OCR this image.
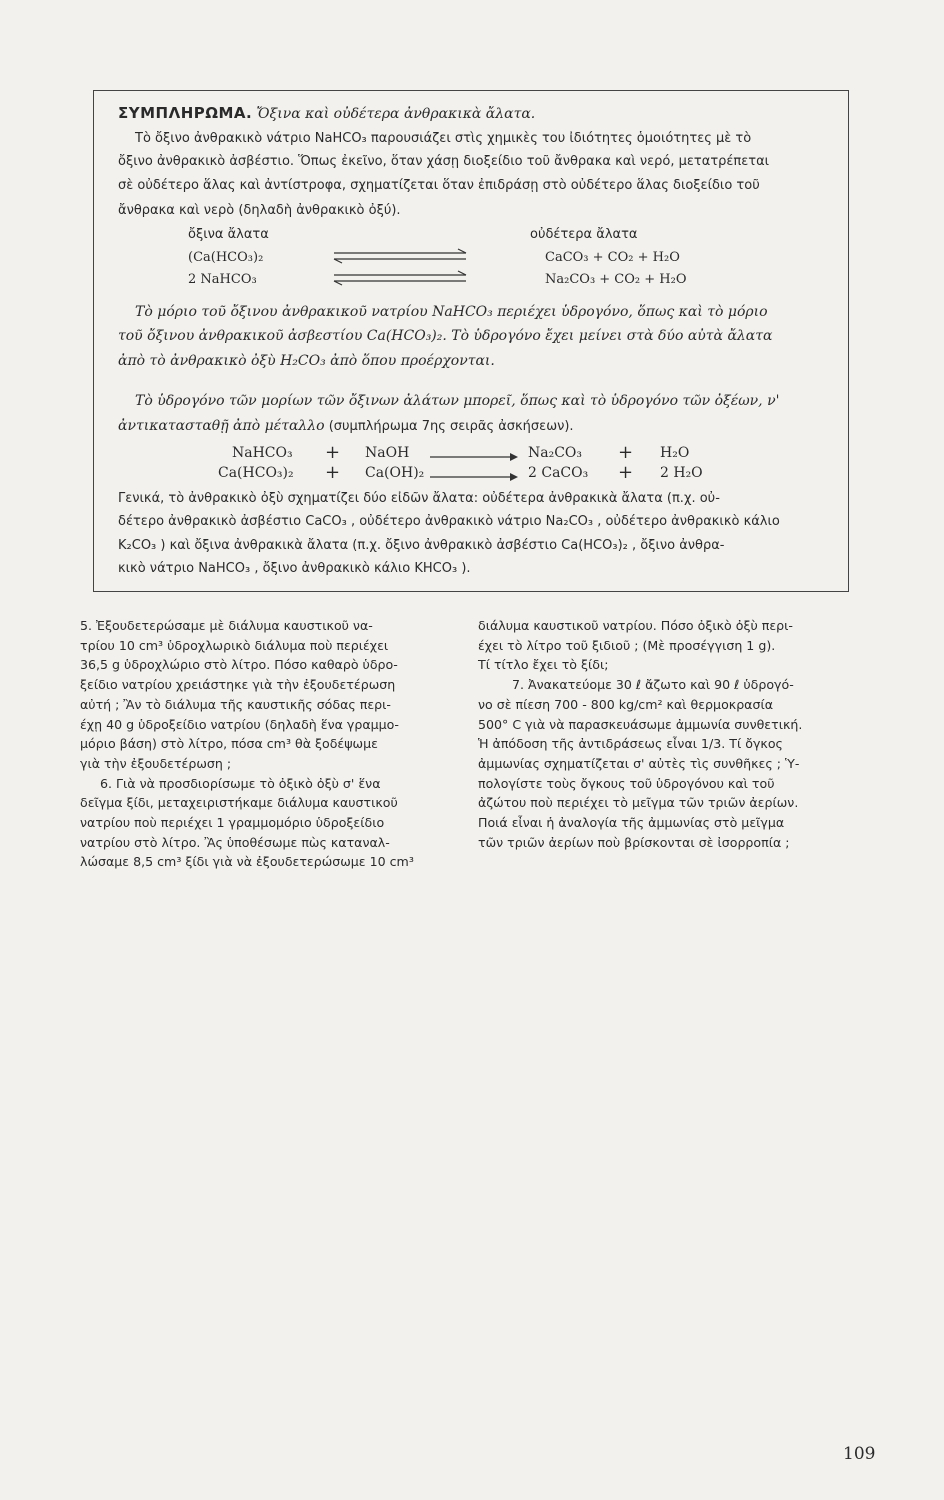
ΣΥΜΠΛΗΡΩΜΑ. Ὄξινα καὶ οὐδέτερα ἀνθρακικὰ ἄλατα.
Τὸ ὄξινο ἀνθρακικὸ νάτριο NaHCO₃ παρουσιάζει στὶς χημικὲς του ἰδιότητες ὁμοιότητες μὲ τὸ
ὄξινο ἀνθρακικὸ ἀσβέστιο. Ὅπως ἐκεῖνο, ὅταν χάσῃ διοξείδιο τοῦ ἄνθρακα καὶ νερό, μετατρέπεται
σὲ οὐδέτερο ἅλας καὶ ἀντίστροφα, σχηματίζεται ὅταν ἐπιδράσῃ στὸ οὐδέτερο ἅλας διοξείδιο τοῦ
ἄνθρακα καὶ νερὸ (δηλαδὴ ἀνθρακικὸ ὀξύ).
ὄξινα ἄλατα	οὐδέτερα ἄλατα
(Ca(HCO₃)₂	CaCO₃ + CO₂ + H₂O
2 NaHCO₃	Na₂CO₃ + CO₂ + H₂O
Τὸ μόριο τοῦ ὄξινου ἀνθρακικοῦ νατρίου NaHCO₃ περιέχει ὑδρογόνο, ὅπως καὶ τὸ μόριο
τοῦ ὄξινου ἀνθρακικοῦ ἀσβεστίου Ca(HCO₃)₂. Τὸ ὑδρογόνο ἔχει μείνει στὰ δύο αὐτὰ ἄλατα
ἀπὸ τὸ ἀνθρακικὸ ὀξὺ H₂CO₃ ἀπὸ ὅπου προέρχονται.
Τὸ ὑδρογόνο τῶν μορίων τῶν ὄξινων ἀλάτων μπορεῖ, ὅπως καὶ τὸ ὑδρογόνο τῶν ὀξέων, ν'
ἀντικατασταθῇ ἀπὸ μέταλλο (συμπλήρωμα 7ης σειρᾶς ἀσκήσεων).
NaHCO₃ + NaOH	Na₂CO₃ + H₂O
Ca(HCO₃)₂ + Ca(OH)₂	2 CaCO₃ + 2 H₂O
Γενικά, τὸ ἀνθρακικὸ ὀξὺ σχηματίζει δύο εἰδῶν ἄλατα: οὐδέτερα ἀνθρακικὰ ἄλατα (π.χ. οὐ-
δέτερο ἀνθρακικὸ ἀσβέστιο CaCO₃ , οὐδέτερο ἀνθρακικὸ νάτριο Na₂CO₃ , οὐδέτερο ἀνθρακικὸ κάλιο
K₂CO₃ ) καὶ ὄξινα ἀνθρακικὰ ἄλατα (π.χ. ὄξινο ἀνθρακικὸ ἀσβέστιο Ca(HCO₃)₂ , ὄξινο ἀνθρα-
κικὸ νάτριο NaHCO₃ , ὄξινο ἀνθρακικὸ κάλιο KHCO₃ ).
5. Ἐξουδετερώσαμε μὲ διάλυμα καυστικοῦ να-
τρίου 10 cm³ ὑδροχλωρικὸ διάλυμα ποὺ περιέχει
36,5 g ὑδροχλώριο στὸ λίτρο. Πόσο καθαρὸ ὑδρο-
ξείδιο νατρίου χρειάστηκε γιὰ τὴν ἐξουδετέρωση
αὐτή ; Ἂν τὸ διάλυμα τῆς καυστικῆς σόδας περι-
έχῃ 40 g ὑδροξείδιο νατρίου (δηλαδὴ ἕνα γραμμο-
μόριο βάση) στὸ λίτρο, πόσα cm³ θὰ ξοδέψωμε
γιὰ τὴν ἐξουδετέρωση ;
6. Γιὰ νὰ προσδιορίσωμε τὸ ὀξικὸ ὀξὺ σ' ἕνα
δεῖγμα ξίδι, μεταχειριστήκαμε διάλυμα καυστικοῦ
νατρίου ποὺ περιέχει 1 γραμμομόριο ὑδροξείδιο
νατρίου στὸ λίτρο. Ἂς ὑποθέσωμε πὼς καταναλ-
λώσαμε 8,5 cm³ ξίδι γιὰ νὰ ἐξουδετερώσωμε 10 cm³
διάλυμα καυστικοῦ νατρίου. Πόσο ὀξικὸ ὀξὺ περι-
έχει τὸ λίτρο τοῦ ξιδιοῦ ; (Μὲ προσέγγιση 1 g).
Τί τίτλο ἔχει τὸ ξίδι;
7. Ἀνακατεύομε 30 ℓ ἄζωτο καὶ 90 ℓ ὑδρογό-
νο σὲ πίεση 700 - 800 kg/cm² καὶ θερμοκρασία
500° C γιὰ νὰ παρασκευάσωμε ἀμμωνία συνθετική.
Ἡ ἀπόδοση τῆς ἀντιδράσεως εἶναι 1/3. Τί ὄγκος
ἀμμωνίας σχηματίζεται σ' αὐτὲς τὶς συνθῆκες ; Ὑ-
πολογίστε τοὺς ὄγκους τοῦ ὑδρογόνου καὶ τοῦ
ἀζώτου ποὺ περιέχει τὸ μεῖγμα τῶν τριῶν ἀερίων.
Ποιά εἶναι ἡ ἀναλογία τῆς ἀμμωνίας στὸ μεῖγμα
τῶν τριῶν ἀερίων ποὺ βρίσκονται σὲ ἰσορροπία ;
109
